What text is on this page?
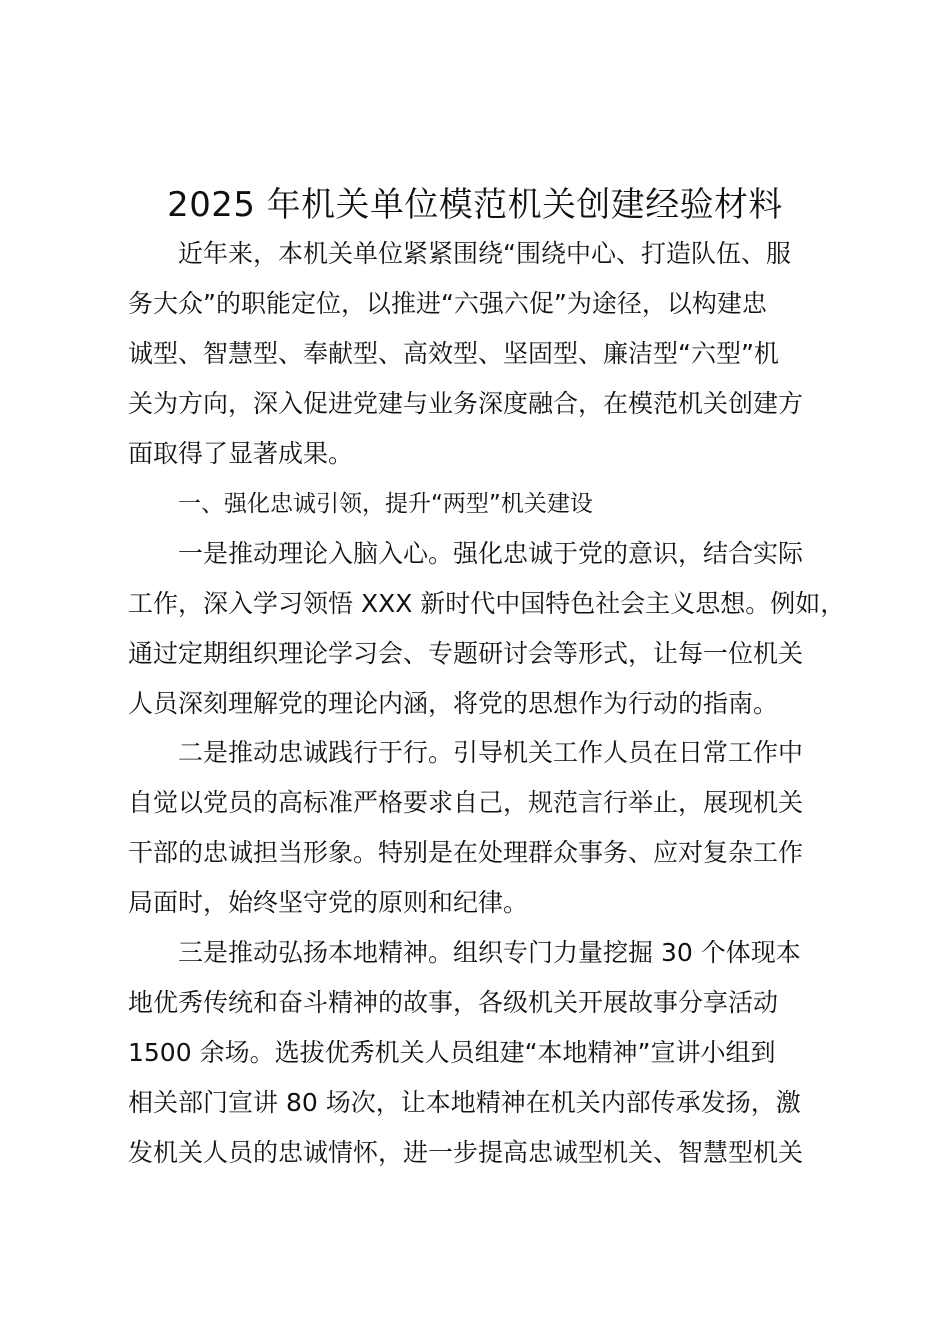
2025 年机关单位模范机关创建经验材料
近年来，本机关单位紧紧围绕“围绕中心、打造队伍、服
务大众”的职能定位，以推进“六强六促”为途径，以构建忠
诚型、智慧型、奉献型、高效型、坚固型、廉洁型“六型”机
关为方向，深入促进党建与业务深度融合，在模范机关创建方
面取得了显著成果。
一、强化忠诚引领，提升“两型”机关建设
一是推动理论入脑入心。强化忠诚于党的意识，结合实际
工作，深入学习领悟 XXX 新时代中国特色社会主义思想。例如，
通过定期组织理论学习会、专题研讨会等形式，让每一位机关
人员深刻理解党的理论内涵，将党的思想作为行动的指南。
二是推动忠诚践行于行。引导机关工作人员在日常工作中
自觉以党员的高标准严格要求自己，规范言行举止，展现机关
干部的忠诚担当形象。特别是在处理群众事务、应对复杂工作
局面时，始终坚守党的原则和纪律。
三是推动弘扬本地精神。组织专门力量挖掘 30 个体现本
地优秀传统和奋斗精神的故事，各级机关开展故事分享活动
1500 余场。选拔优秀机关人员组建“本地精神”宣讲小组到
相关部门宣讲 80 场次，让本地精神在机关内部传承发扬，激
发机关人员的忠诚情怀，进一步提高忠诚型机关、智慧型机关
